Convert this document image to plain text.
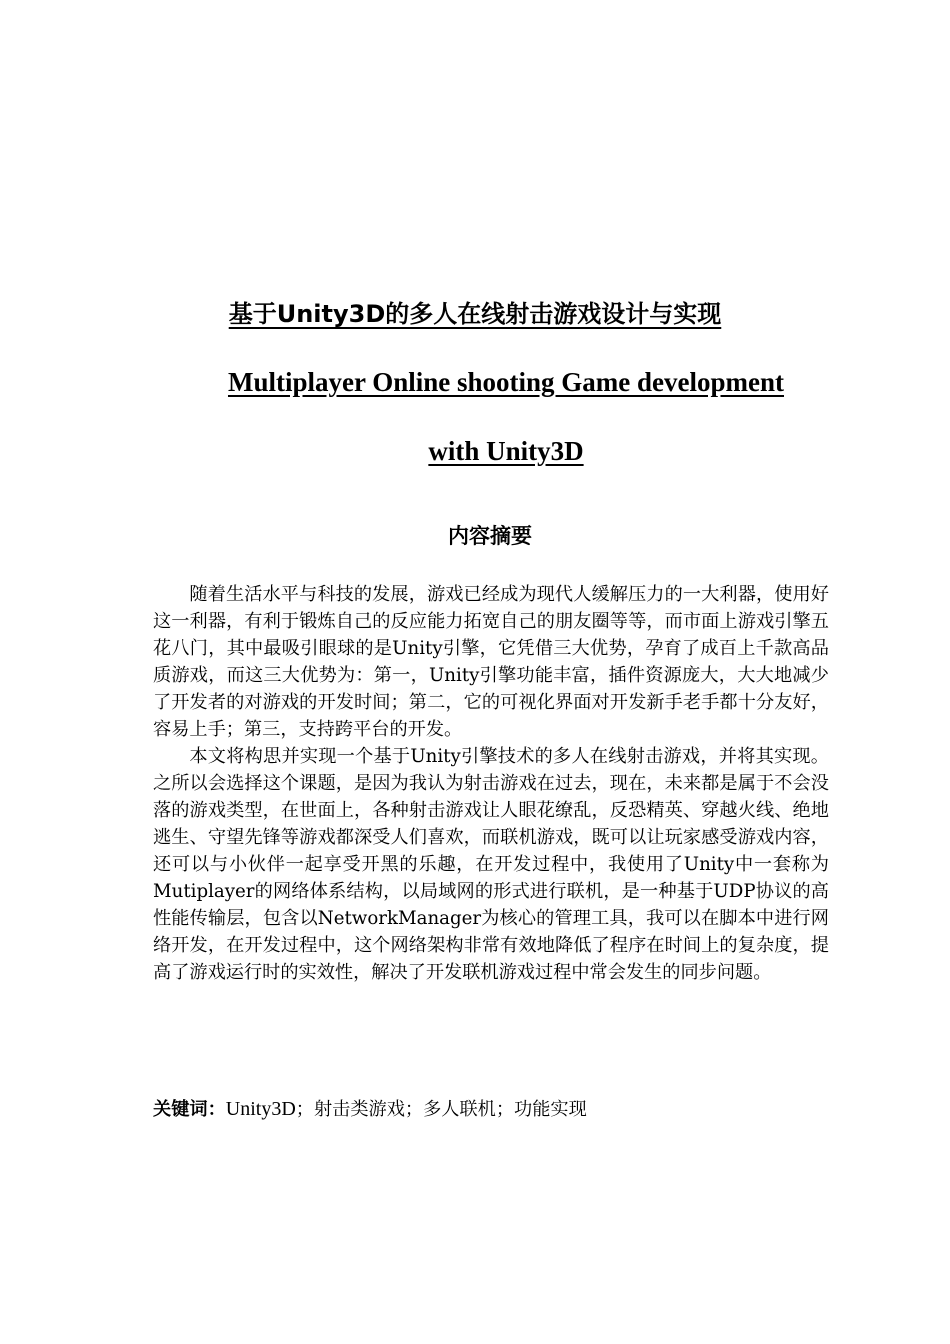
基于Unity3D的多人在线射击游戏设计与实现
Multiplayer Online shooting Game development
with Unity3D
内容摘要

随着生活水平与科技的发展，游戏已经成为现代人缓解压力的一大利器，使用好这一利器，有利于锻炼自己的反应能力拓宽自己的朋友圈等等，而市面上游戏引擎五花八门，其中最吸引眼球的是Unity引擎，它凭借三大优势，孕育了成百上千款高品质游戏，而这三大优势为：第一，Unity引擎功能丰富，插件资源庞大，大大地减少了开发者的对游戏的开发时间；第二，它的可视化界面对开发新手老手都十分友好，容易上手；第三，支持跨平台的开发。

本文将构思并实现一个基于Unity引擎技术的多人在线射击游戏，并将其实现。之所以会选择这个课题，是因为我认为射击游戏在过去，现在，未来都是属于不会没落的游戏类型，在世面上，各种射击游戏让人眼花缭乱，反恐精英、穿越火线、绝地逃生、守望先锋等游戏都深受人们喜欢，而联机游戏，既可以让玩家感受游戏内容，还可以与小伙伴一起享受开黑的乐趣，在开发过程中，我使用了Unity中一套称为Mutiplayer的网络体系结构，以局域网的形式进行联机，是一种基于UDP协议的高性能传输层，包含以NetworkManager为核心的管理工具，我可以在脚本中进行网络开发，在开发过程中，这个网络架构非常有效地降低了程序在时间上的复杂度，提高了游戏运行时的实效性，解决了开发联机游戏过程中常会发生的同步问题。

关键词：Unity3D；射击类游戏；多人联机；功能实现
